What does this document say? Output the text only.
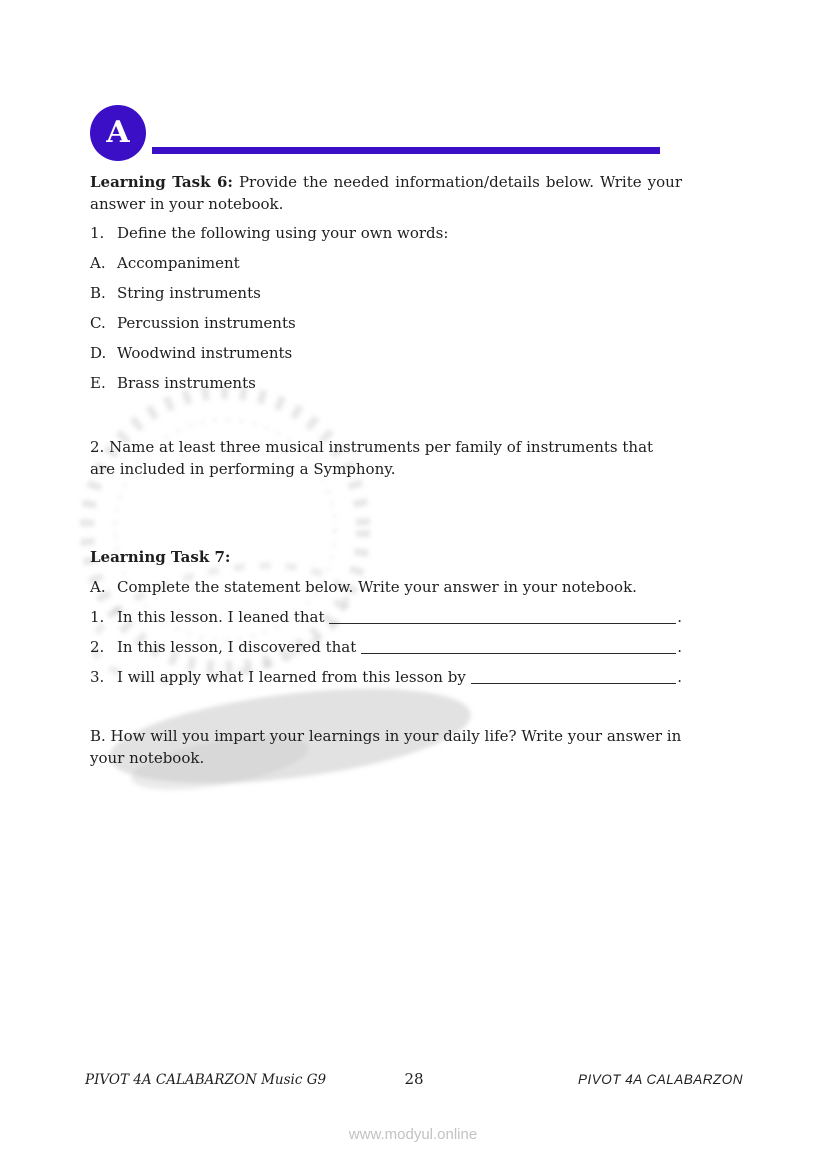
A

Learning Task 6: Provide the needed information/details below. Write your answer in your notebook.

1. Define the following using your own words:
A. Accompaniment
B. String instruments
C. Percussion instruments
D. Woodwind instruments
E. Brass instruments

2. Name at least three musical instruments per family of instruments that are included in performing a Symphony.

Learning Task 7:

A. Complete the statement below. Write your answer in your notebook.
1. In this lesson. I leaned that	.
2. In this lesson, I discovered that	.
3. I will apply what I learned from this lesson by	.

B. How will you impart your learnings in your daily life? Write your answer in your notebook.

PIVOT 4A CALABARZON Music G9	28	PIVOT 4A CALABARZON
www.modyul.online
